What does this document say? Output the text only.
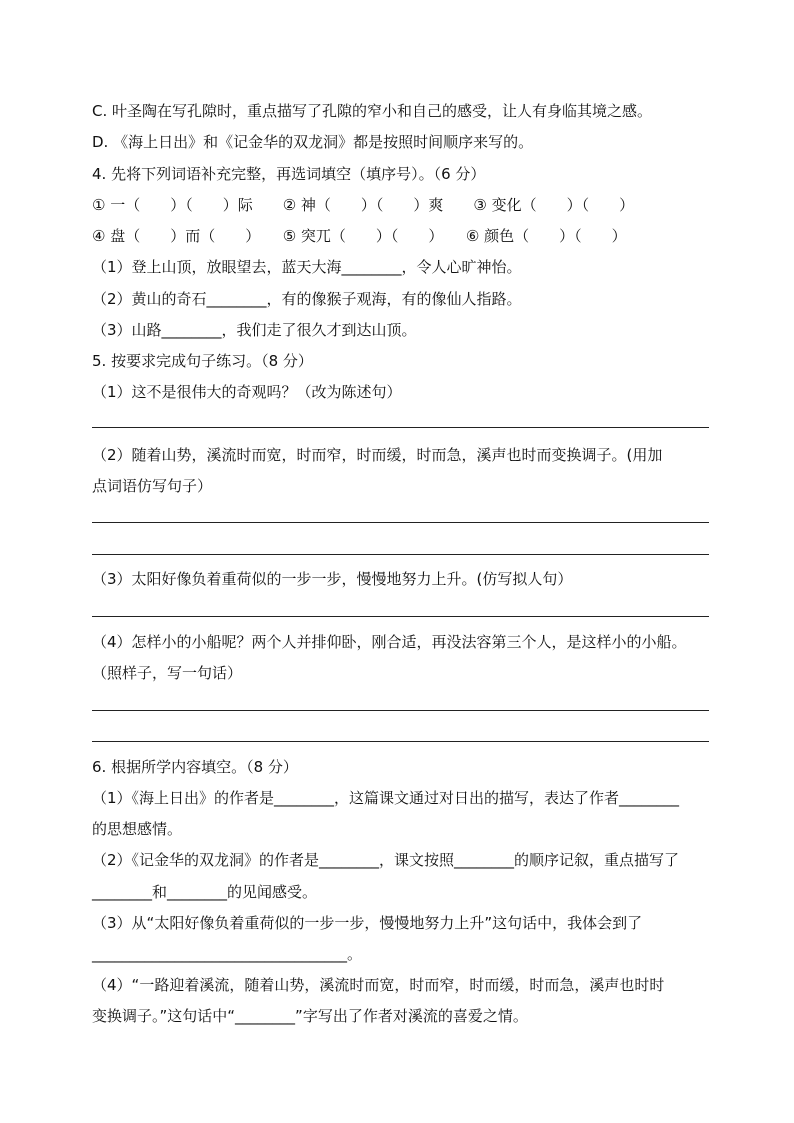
C. 叶圣陶在写孔隙时，重点描写了孔隙的窄小和自己的感受，让人有身临其境之感。
D. 《海上日出》和《记金华的双龙洞》都是按照时间顺序来写的。
4. 先将下列词语补充完整，再选词填空（填序号）。（6 分）
① 一（　　）（　　）际　　② 神（　　）（　　）爽　　③ 变化（　　）（　　）
④ 盘（　　）而（　　）　　⑤ 突兀（　　）（　　）　　⑥ 颜色（　　）（　　）
（1）登上山顶，放眼望去，蓝天大海________，令人心旷神怡。
（2）黄山的奇石________，有的像猴子观海，有的像仙人指路。
（3）山路________，我们走了很久才到达山顶。
5. 按要求完成句子练习。（8 分）
（1）这不是很伟大的奇观吗？（改为陈述句）
（2）随着山势，溪流时而宽，时而窄，时而缓，时而急，溪声也时而变换调子。(用加
点词语仿写句子）
（3）太阳好像负着重荷似的一步一步，慢慢地努力上升。(仿写拟人句）
（4）怎样小的小船呢？两个人并排仰卧，刚合适，再没法容第三个人，是这样小的小船。
（照样子，写一句话）
6. 根据所学内容填空。（8 分）
（1）《海上日出》的作者是________，这篇课文通过对日出的描写，表达了作者________
的思想感情。
（2）《记金华的双龙洞》的作者是________，课文按照________的顺序记叙，重点描写了
________和________的见闻感受。
（3）从“太阳好像负着重荷似的一步一步，慢慢地努力上升”这句话中，我体会到了
__________________________________。
（4）“一路迎着溪流，随着山势，溪流时而宽，时而窄，时而缓，时而急，溪声也时时
变换调子。”这句话中“________”字写出了作者对溪流的喜爱之情。
